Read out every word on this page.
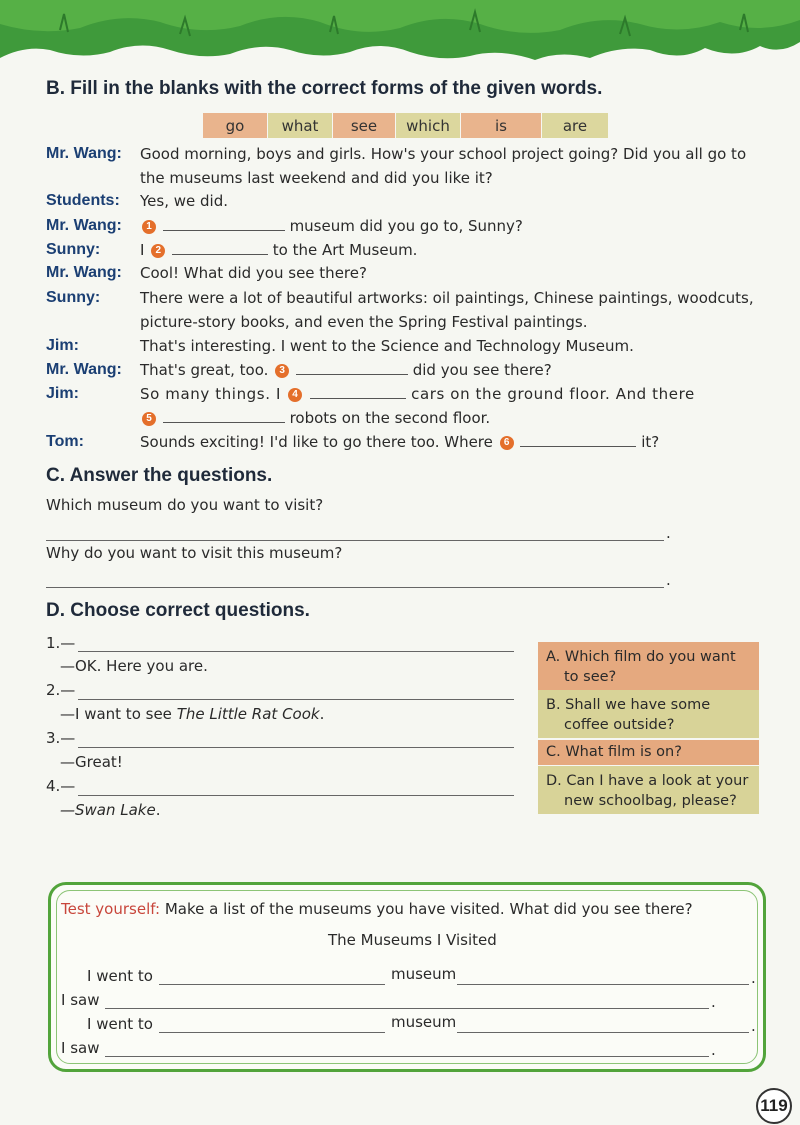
B. Fill in the blanks with the correct forms of the given words.
go	what	see	which	is	are
Mr. Wang: Good morning, boys and girls. How's your school project going? Did you all go to
the museums last weekend and did you like it?
Students: Yes, we did.
Mr. Wang:	1	museum did you go to, Sunny?
Sunny:	I 2	to the Art Museum.
Mr. Wang: Cool! What did you see there?
Sunny:	There were a lot of beautiful artworks: oil paintings, Chinese paintings, woodcuts,
picture-story books, and even the Spring Festival paintings.
Jim:	That's interesting. I went to the Science and Technology Museum.
Mr. Wang: That's great, too. 3	did you see there?
Jim:	So many things. I 4	cars on the ground floor. And there
5	robots on the second floor.
Tom:	Sounds exciting! I'd like to go there too. Where 6	it?
C. Answer the questions.
Which museum do you want to visit?
.
Why do you want to visit this museum?
.
D. Choose correct questions.
1.—
—OK. Here you are.
2.—
—I want to see The Little Rat Cook.
3.—
—Great!
4.—
—Swan Lake.
A. Which film do you want
to see?
B. Shall we have some
coffee outside?
C. What film is on?
D. Can I have a look at your
new schoolbag, please?
Test yourself: Make a list of the museums you have visited. What did you see there?
The Museums I Visited
I went to	museum	.
I saw	.
I went to	museum	.
I saw	.
119
